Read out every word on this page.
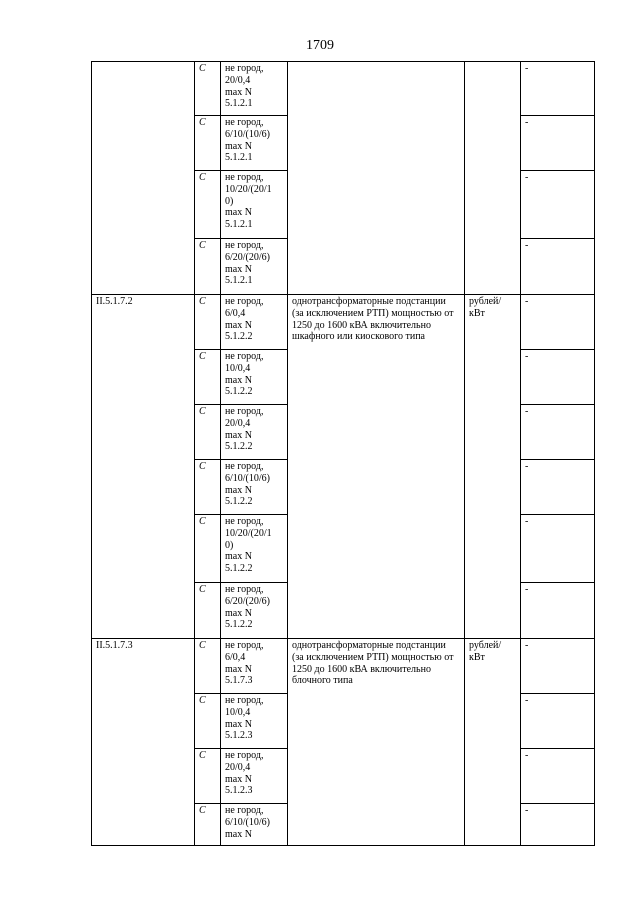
1709
	С	не город,
20/0,4
max N
5.1.2.1			-
	С	не город,
6/10/(10/6)
max N
5.1.2.1			-
	С	не город,
10/20/(20/1
0)
max N
5.1.2.1			-
	С	не город,
6/20/(20/6)
max N
5.1.2.1			-
II.5.1.7.2	С	не город,
6/0,4
max N
5.1.2.2	однотрансформаторные подстанции (за исключением РТП) мощностью от 1250 до 1600 кВА включительно шкафного или киоскового типа	рублей/
кВт	-
	С	не город,
10/0,4
max N
5.1.2.2			-
	С	не город,
20/0,4
max N
5.1.2.2			-
	С	не город,
6/10/(10/6)
max N
5.1.2.2			-
	С	не город,
10/20/(20/1
0)
max N
5.1.2.2			-
	С	не город,
6/20/(20/6)
max N
5.1.2.2			-
II.5.1.7.3	С	не город,
6/0,4
max N
5.1.7.3	однотрансформаторные подстанции (за исключением РТП) мощностью от 1250 до 1600 кВА включительно блочного типа	рублей/
кВт	-
	С	не город,
10/0,4
max N
5.1.2.3			-
	С	не город,
20/0,4
max N
5.1.2.3			-
	С	не город,
6/10/(10/6)
max N			-
